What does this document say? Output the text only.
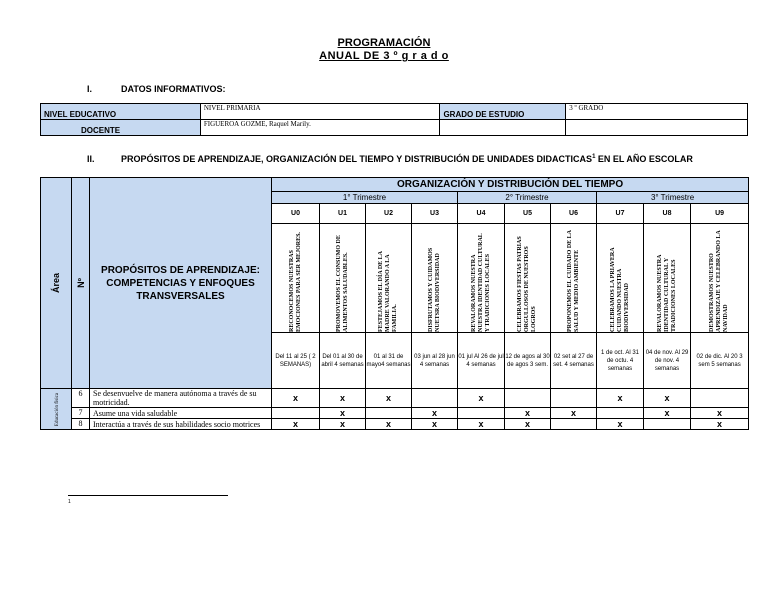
PROGRAMACIÓN
ANUAL DE 3 º g r a d o
I.	DATOS INFORMATIVOS:
NIVEL EDUCATIVO	NIVEL PRIMARIA	GRADO DE ESTUDIO	3 º GRADO
DOCENTE	FIGUEROA GOZME, Raquel Marily.		
II.	PROPÓSITOS DE APRENDIZAJE, ORGANIZACIÓN DEL TIEMPO Y DISTRIBUCIÓN DE UNIDADES DIDACTICAS$^1$ EN EL AÑO ESCOLAR
Área	Nº	PROPÓSITOS DE APRENDIZAJE: COMPETENCIAS Y ENFOQUES TRANSVERSALES	ORGANIZACIÓN Y DISTRIBUCIÓN DEL TIEMPO									
			1° Trimestre				2° Trimestre			3° Trimestre		
			U0	U1	U2	U3	U4	U5	U6	U7	U8	U9

			RECONOCEMOS NUESTRAS EMOCIONES PARA SER MEJORES.	PROMOVEMOS EL CONSUMO DE ALIMENTOS SALUDABLES.	FESTEJAMOS EL DÍA DE LA MADRE VALORANDO A LA FAMILIA.	DISFRUTAMOS Y CUIDAMOS NUETSRA BIODIVERSIDAD	REVALORAMOS NUESTRA NUESTRA IDENTIDAD CULTURAL Y TRADICIONES LOCALES	CELEBRAMOS FIESTAS PATRIAS ORGULLOSOS DE NUESTROS LOGROS	PROPONEMOS EL CUIDADO DE LA SALUD Y MEDIO AMBIENTE	CELEBRAMOS LA PRIAVERA CUIDANDO NUESTRA BIODIVERSIDAD	REVALORAMOS NUESTRA IDENTIDAD CULTURAL Y TRADICIONES LOCALES	DEMOSTRAMOS NUESTRO APRENDIZAJE Y CELEBRANDO LA NAVIDAD

			Del 11 al 25 ( 2 SEMANAS)	Del 01 al 30 de abril 4 semanas	01 al 31 de mayo4 semanas	03 jun al 28 jun 4 semanas	01 jul Al 26 de jul 4 semanas	12 de agos al 30 de agos 3 sem.	02 set al 27 de set. 4 semanas	1 de oct. Al 31 de octu. 4 semanas	04 de nov. Al 29 de nov. 4 semanas	02 de dic. Al 20 3 sem 5 semanas
Educación física	6	Se desenvuelve de manera autónoma a través de su motricidad.	x	x	x		x			x	x	
	7	Asume una vida saludable		x		x		x	x		x	x
	8	Interactúa a través de sus habilidades socio motrices	x	x	x	x	x	x		x		x
1
